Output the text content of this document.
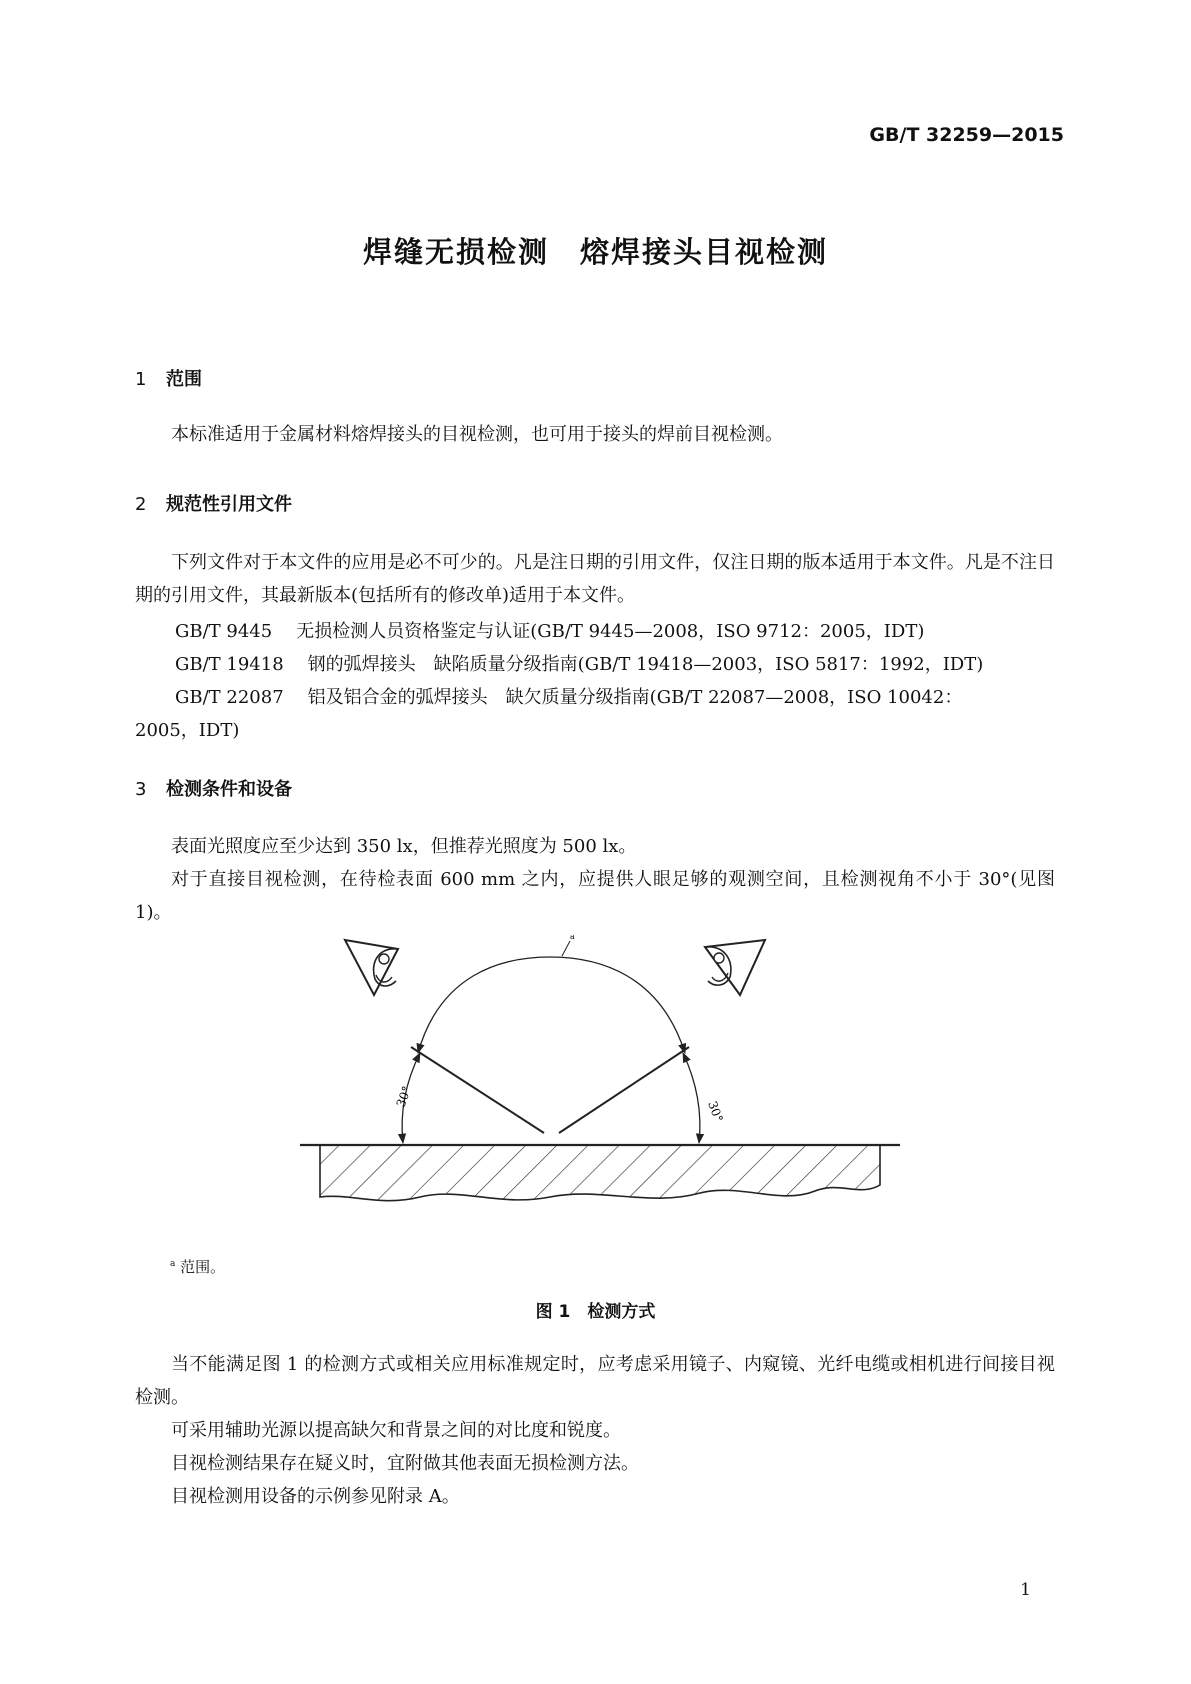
GB/T 32259—2015
焊缝无损检测　熔焊接头目视检测
1 范围
本标准适用于金属材料熔焊接头的目视检测，也可用于接头的焊前目视检测。
2 规范性引用文件
下列文件对于本文件的应用是必不可少的。凡是注日期的引用文件，仅注日期的版本适用于本文件。凡是不注日期的引用文件，其最新版本(包括所有的修改单)适用于本文件。
GB/T 9445 无损检测人员资格鉴定与认证(GB/T 9445—2008，ISO 9712：2005，IDT)
GB/T 19418 钢的弧焊接头　缺陷质量分级指南(GB/T 19418—2003，ISO 5817：1992，IDT)
GB/T 22087 铝及铝合金的弧焊接头　缺欠质量分级指南(GB/T 22087—2008，ISO 10042：
2005，IDT)
3 检测条件和设备
表面光照度应至少达到 350 lx，但推荐光照度为 500 lx。
对于直接目视检测，在待检表面 600 mm 之内，应提供人眼足够的观测空间，且检测视角不小于 30°(见图 1)。
a
30°
30°
$^a$ 范围。
图 1　检测方式
当不能满足图 1 的检测方式或相关应用标准规定时，应考虑采用镜子、内窥镜、光纤电缆或相机进行间接目视检测。
可采用辅助光源以提高缺欠和背景之间的对比度和锐度。
目视检测结果存在疑义时，宜附做其他表面无损检测方法。
目视检测用设备的示例参见附录 A。
1
